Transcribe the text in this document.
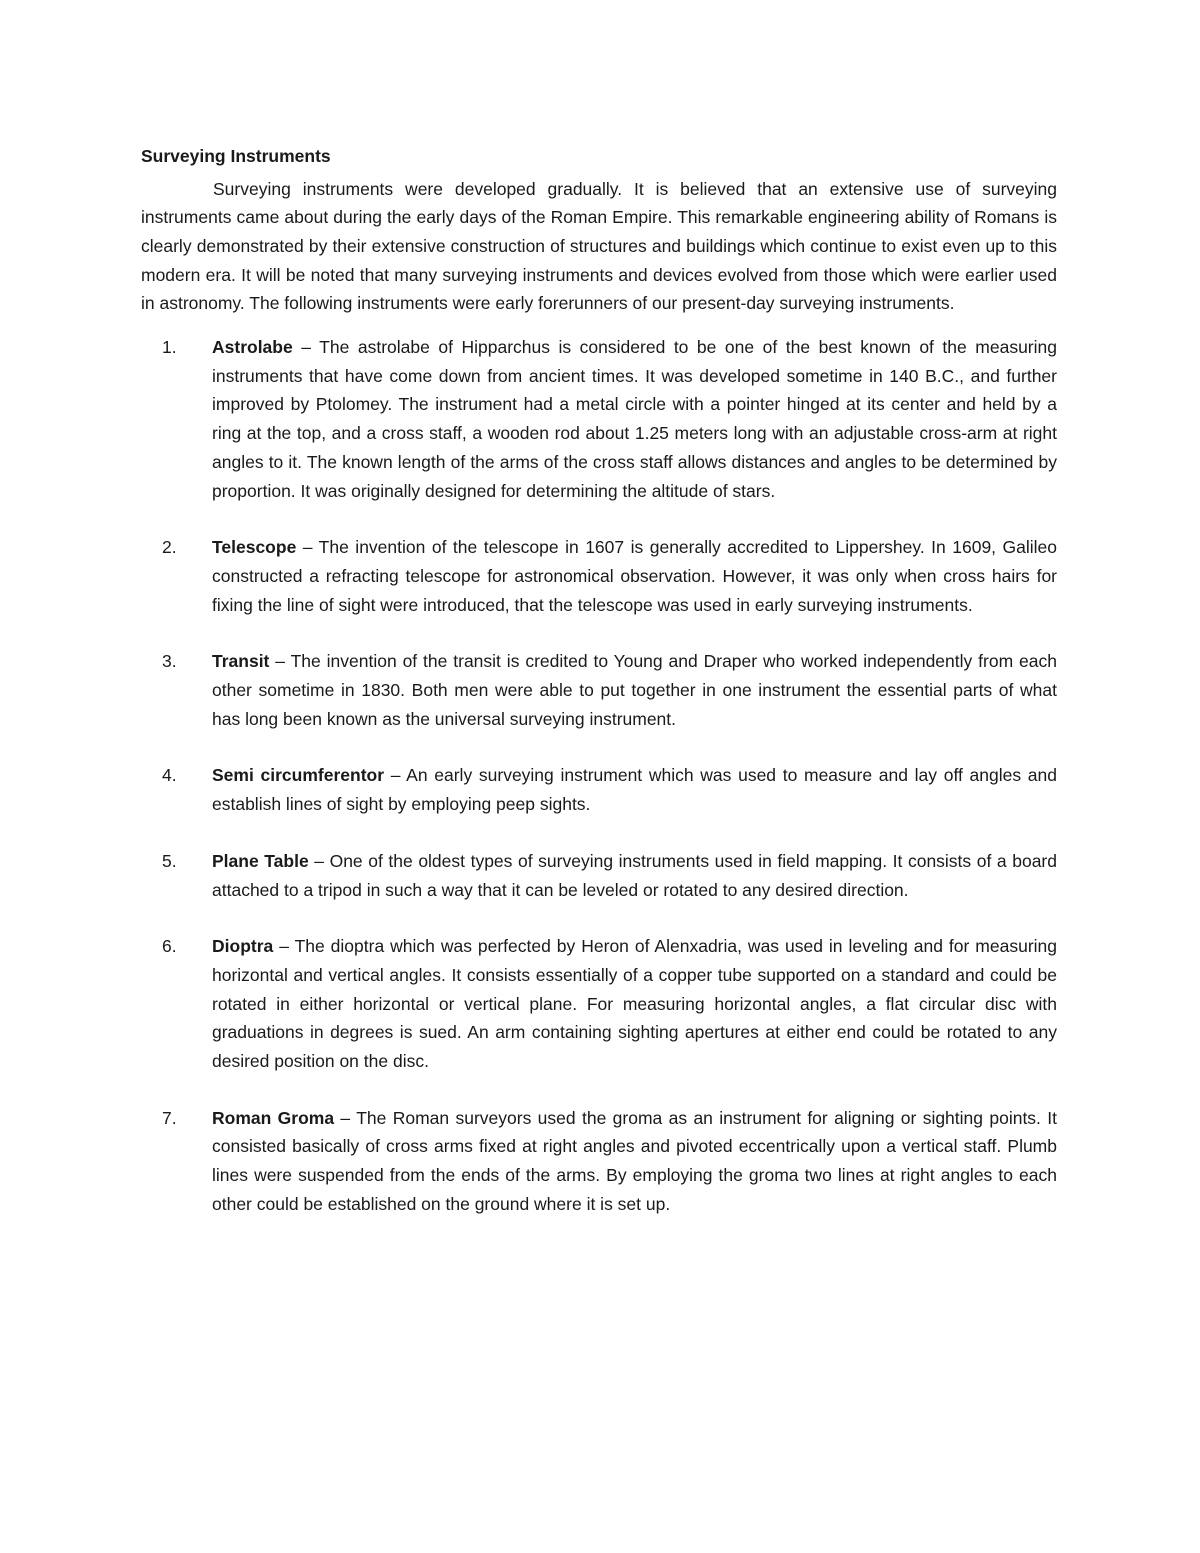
Surveying Instruments

Surveying instruments were developed gradually. It is believed that an extensive use of surveying instruments came about during the early days of the Roman Empire. This remarkable engineering ability of Romans is clearly demonstrated by their extensive construction of structures and buildings which continue to exist even up to this modern era. It will be noted that many surveying instruments and devices evolved from those which were earlier used in astronomy. The following instruments were early forerunners of our present-day surveying instruments.

1. Astrolabe – The astrolabe of Hipparchus is considered to be one of the best known of the measuring instruments that have come down from ancient times. It was developed sometime in 140 B.C., and further improved by Ptolomey. The instrument had a metal circle with a pointer hinged at its center and held by a ring at the top, and a cross staff, a wooden rod about 1.25 meters long with an adjustable cross-arm at right angles to it. The known length of the arms of the cross staff allows distances and angles to be determined by proportion. It was originally designed for determining the altitude of stars.
2. Telescope – The invention of the telescope in 1607 is generally accredited to Lippershey. In 1609, Galileo constructed a refracting telescope for astronomical observation. However, it was only when cross hairs for fixing the line of sight were introduced, that the telescope was used in early surveying instruments.
3. Transit – The invention of the transit is credited to Young and Draper who worked independently from each other sometime in 1830. Both men were able to put together in one instrument the essential parts of what has long been known as the universal surveying instrument.
4. Semi circumferentor – An early surveying instrument which was used to measure and lay off angles and establish lines of sight by employing peep sights.
5. Plane Table – One of the oldest types of surveying instruments used in field mapping. It consists of a board attached to a tripod in such a way that it can be leveled or rotated to any desired direction.
6. Dioptra – The dioptra which was perfected by Heron of Alenxadria, was used in leveling and for measuring horizontal and vertical angles. It consists essentially of a copper tube supported on a standard and could be rotated in either horizontal or vertical plane. For measuring horizontal angles, a flat circular disc with graduations in degrees is sued. An arm containing sighting apertures at either end could be rotated to any desired position on the disc.
7. Roman Groma – The Roman surveyors used the groma as an instrument for aligning or sighting points. It consisted basically of cross arms fixed at right angles and pivoted eccentrically upon a vertical staff. Plumb lines were suspended from the ends of the arms. By employing the groma two lines at right angles to each other could be established on the ground where it is set up.
